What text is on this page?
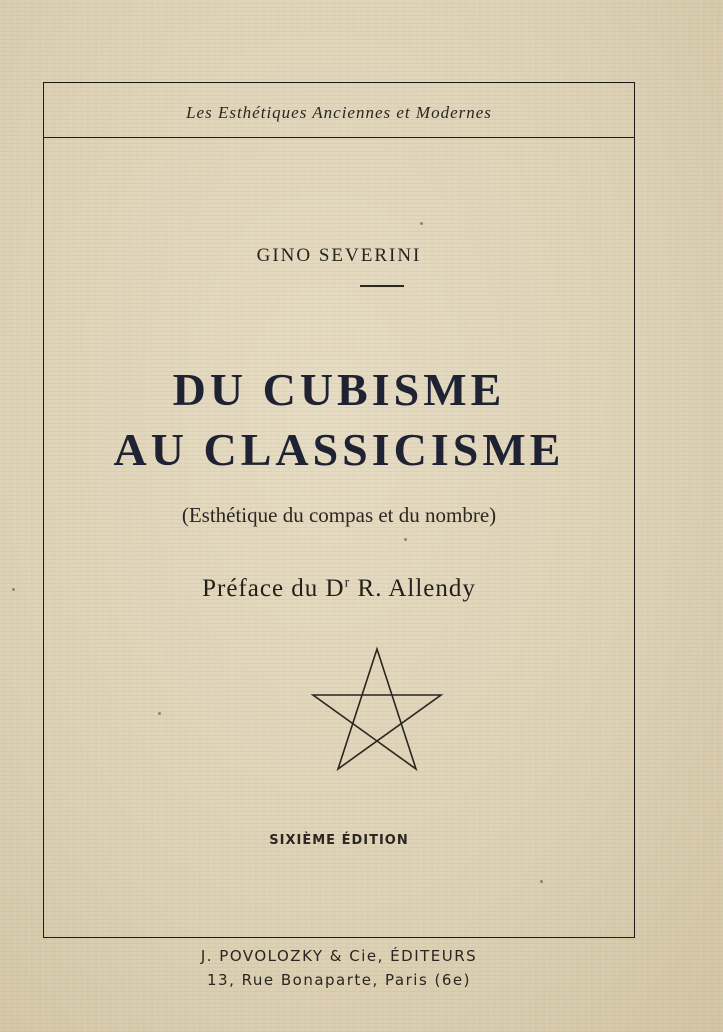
Les Esthétiques Anciennes et Modernes
GINO SEVERINI
DU CUBISME
AU CLASSICISME
(Esthétique du compas et du nombre)
Préface du $D^r$ R. Allendy
SIXIÈME ÉDITION
J. POVOLOZKY & Cie, ÉDITEURS
13, Rue Bonaparte, Paris (6e)
